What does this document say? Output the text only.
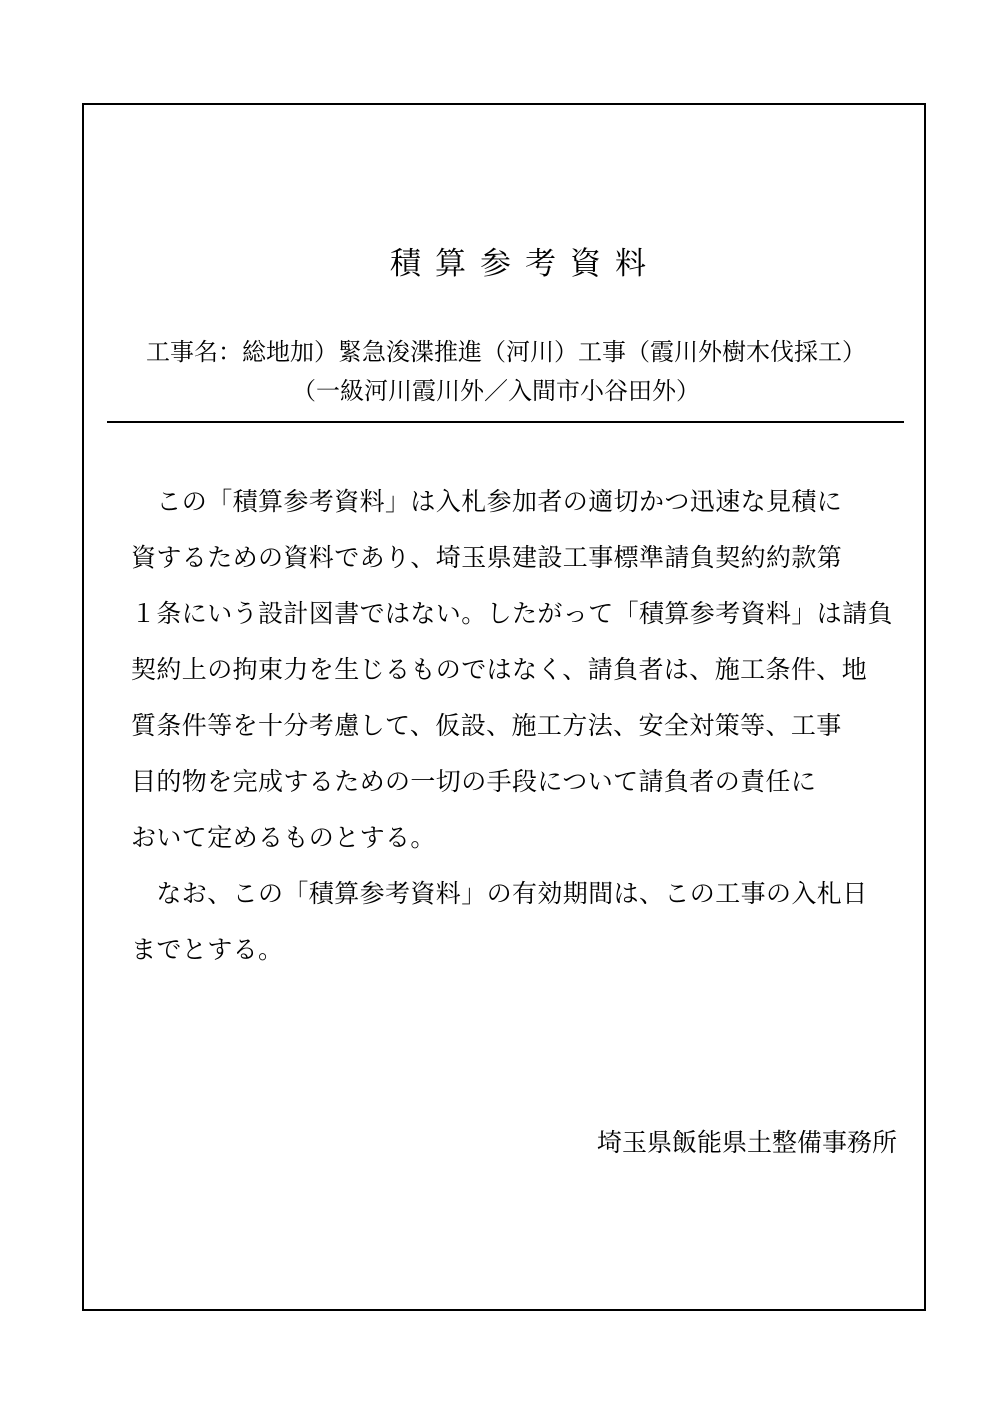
積算参考資料
工事名：総地加）緊急浚渫推進（河川）工事（霞川外樹木伐採工）
（一級河川霞川外／入間市小谷田外）
　この「積算参考資料」は入札参加者の適切かつ迅速な見積に
資するための資料であり、埼玉県建設工事標準請負契約約款第
１条にいう設計図書ではない。したがって「積算参考資料」は請負
契約上の拘束力を生じるものではなく、請負者は、施工条件、地
質条件等を十分考慮して、仮設、施工方法、安全対策等、工事
目的物を完成するための一切の手段について請負者の責任に
おいて定めるものとする。
　なお、この「積算参考資料」の有効期間は、この工事の入札日
までとする。
埼玉県飯能県土整備事務所
